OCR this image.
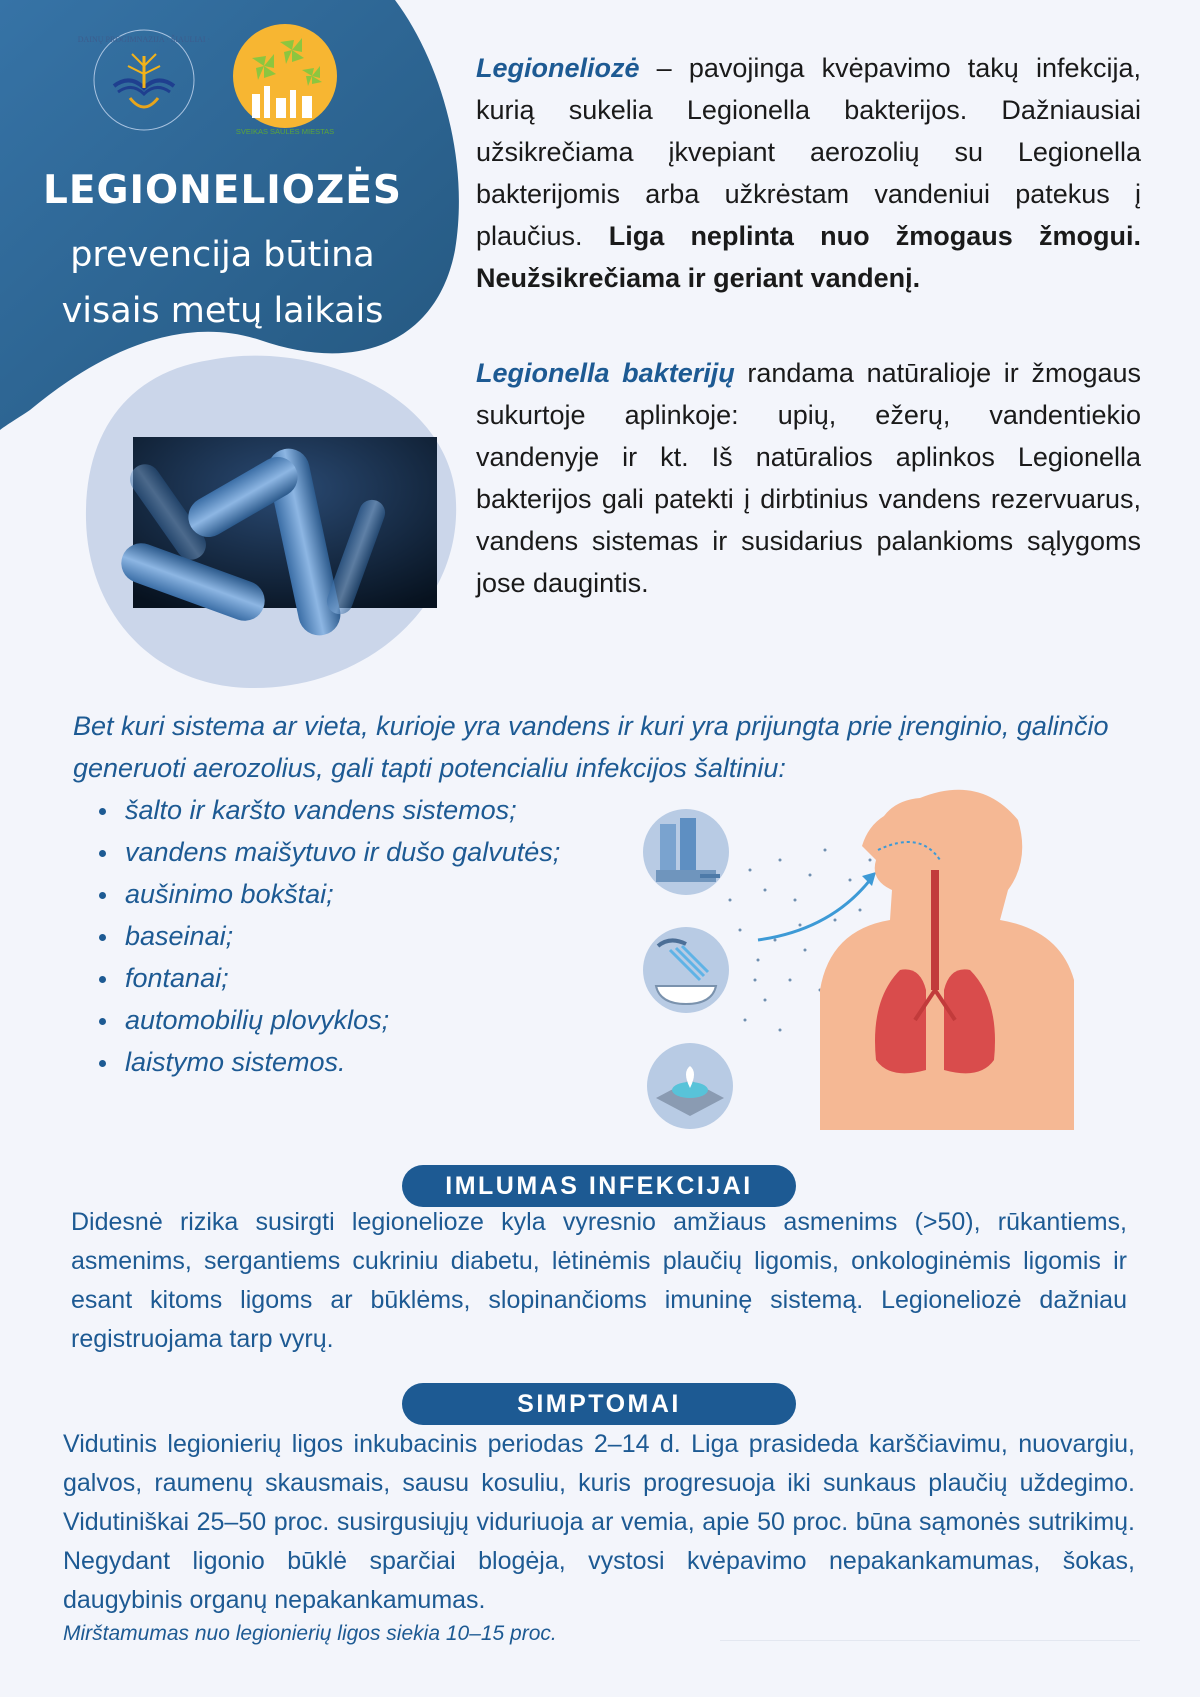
DAINŲ PROGIMNAZIJA · ŠIAULIAI ·
SVEIKAS SAULĖS MIESTAS
LEGIONELIOZĖS
prevencija būtina
visais metų laikais

Legioneliozė – pavojinga kvėpavimo takų infekcija, kurią sukelia Legionella bakterijos. Dažniausiai užsikrečiama įkvepiant aerozolių su Legionella bakterijomis arba užkrėstam vandeniui patekus į plaučius. Liga neplinta nuo žmogaus žmogui. Neužsikrečiama ir geriant vandenį.

Legionella bakterijų randama natūralioje ir žmogaus sukurtoje aplinkoje: upių, ežerų, vandentiekio vandenyje ir kt. Iš natūralios aplinkos Legionella bakterijos gali patekti į dirbtinius vandens rezervuarus, vandens sistemas ir susidarius palankioms sąlygoms jose daugintis.

Bet kuri sistema ar vieta, kurioje yra vandens ir kuri yra prijungta prie įrenginio, galinčio generuoti aerozolius, gali tapti potencialiu infekcijos šaltiniu:

šalto ir karšto vandens sistemos;
vandens maišytuvo ir dušo galvutės;
aušinimo bokštai;
baseinai;
fontanai;
automobilių plovyklos;
laistymo sistemos.
IMLUMAS INFEKCIJAI

Didesnė rizika susirgti legionelioze kyla vyresnio amžiaus asmenims (>50), rūkantiems, asmenims, sergantiems cukriniu diabetu, lėtinėmis plaučių ligomis, onkologinėmis ligomis ir esant kitoms ligoms ar būklėms, slopinančioms imuninę sistemą. Legioneliozė dažniau registruojama tarp vyrų.

SIMPTOMAI

Vidutinis legionierių ligos inkubacinis periodas 2–14 d. Liga prasideda karščiavimu, nuovargiu, galvos, raumenų skausmais, sausu kosuliu, kuris progresuoja iki sunkaus plaučių uždegimo. Vidutiniškai 25–50 proc. susirgusiųjų viduriuoja ar vemia, apie 50 proc. būna sąmonės sutrikimų. Negydant ligonio būklė sparčiai blogėja, vystosi kvėpavimo nepakankamumas, šokas, daugybinis organų nepakankamumas.

Mirštamumas nuo legionierių ligos siekia 10–15 proc.
